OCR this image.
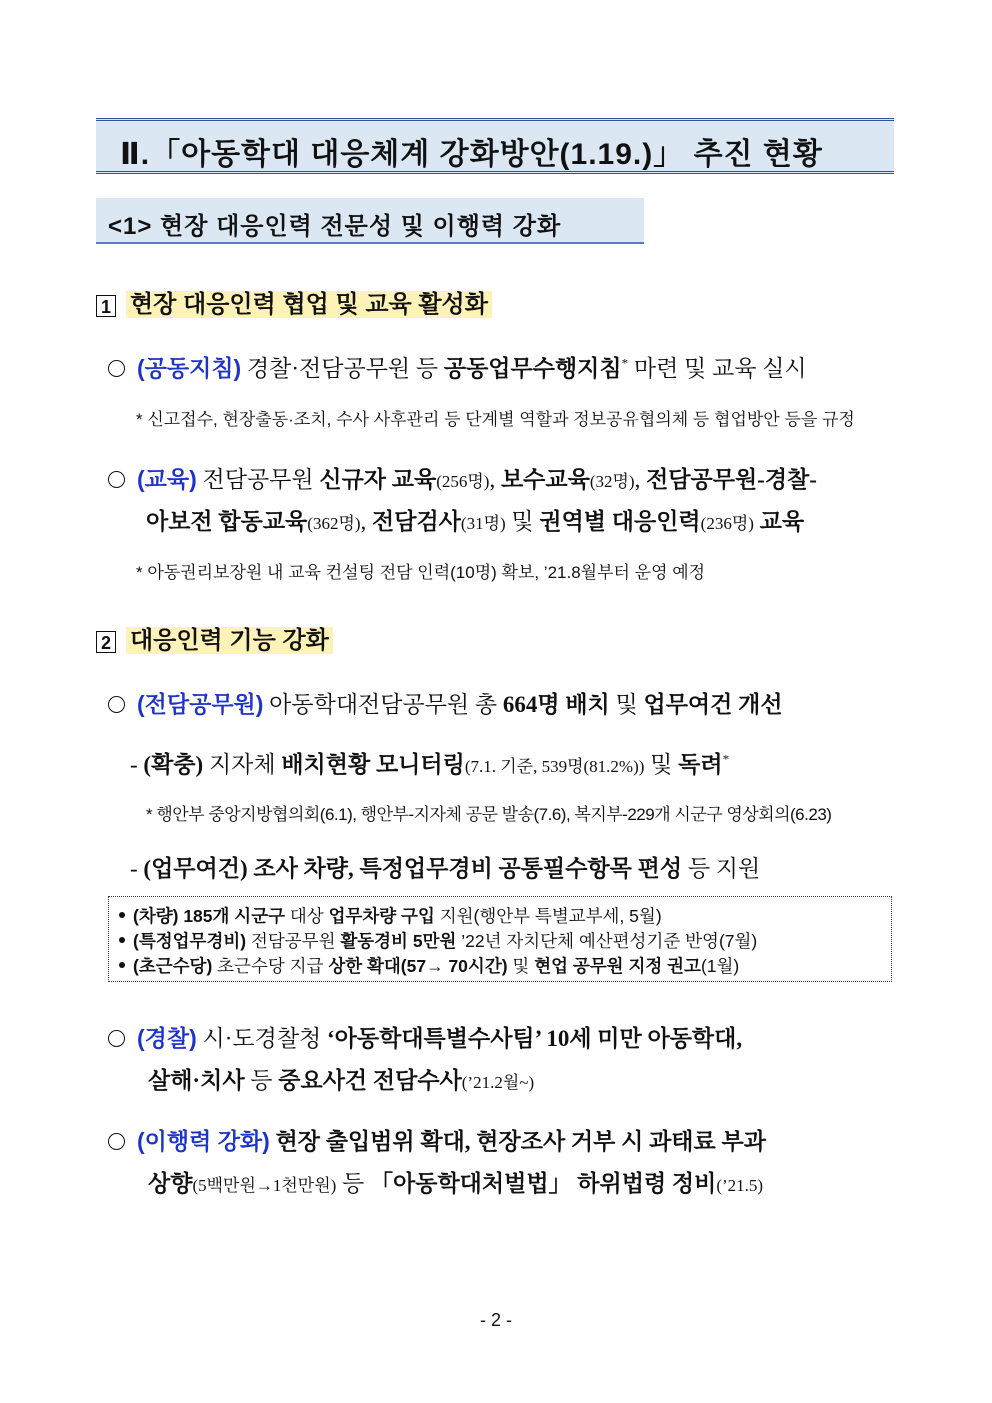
Ⅱ.「아동학대 대응체계 강화방안(1.19.)」 추진 현황
<1> 현장 대응인력 전문성 및 이행력 강화
1 현장 대응인력 협업 및 교육 활성화
(공동지침) 경찰·전담공무원 등 공동업무수행지침* 마련 및 교육 실시
* 신고접수, 현장출동·조치, 수사 사후관리 등 단계별 역할과 정보공유협의체 등 협업방안 등을 규정
(교육) 전담공무원 신규자 교육(256명), 보수교육(32명), 전담공무원-경찰-
아보전 합동교육(362명), 전담검사(31명) 및 권역별 대응인력(236명) 교육
* 아동권리보장원 내 교육 컨설팅 전담 인력(10명) 확보, ’21.8월부터 운영 예정
2 대응인력 기능 강화
(전담공무원) 아동학대전담공무원 총 664명 배치 및 업무여건 개선
- (확충) 지자체 배치현황 모니터링(7.1. 기준, 539명(81.2%)) 및 독려*
* 행안부 중앙지방협의회(6.1), 행안부-지자체 공문 발송(7.6), 복지부-229개 시군구 영상회의(6.23)
- (업무여건) 조사 차량, 특정업무경비 공통필수항목 편성 등 지원
(차량) 185개 시군구 대상 업무차량 구입 지원(행안부 특별교부세, 5월)
(특정업무경비) 전담공무원 활동경비 5만원 ’22년 자치단체 예산편성기준 반영(7월)
(초근수당) 초근수당 지급 상한 확대(57→ 70시간) 및 현업 공무원 지정 권고(1월)
(경찰) 시·도경찰청 ‘아동학대특별수사팀’ 10세 미만 아동학대,
살해·치사 등 중요사건 전담수사(’21.2월~)
(이행력 강화) 현장 출입범위 확대, 현장조사 거부 시 과태료 부과
상향(5백만원→1천만원) 등 「아동학대처벌법」 하위법령 정비(’21.5)
- 2 -
